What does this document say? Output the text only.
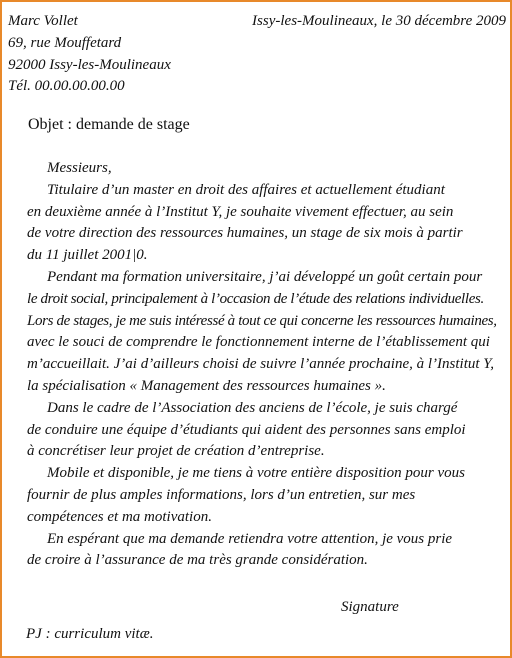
Marc Vollet
69, rue Mouffetard
92000 Issy-les-Moulineaux
Tél. 00.00.00.00.00
Issy-les-Moulineaux, le 30 décembre 2009
Objet : demande de stage
Messieurs,
Titulaire d’un master en droit des affaires et actuellement étudiant
en deuxième année à l’Institut Y, je souhaite vivement effectuer, au sein
de votre direction des ressources humaines, un stage de six mois à partir
du 11 juillet 2001|0.
Pendant ma formation universitaire, j’ai développé un goût certain pour
le droit social, principalement à l’occasion de l’étude des relations individuelles.
Lors de stages, je me suis intéressé à tout ce qui concerne les ressources humaines,
avec le souci de comprendre le fonctionnement interne de l’établissement qui
m’accueillait. J’ai d’ailleurs choisi de suivre l’année prochaine, à l’Institut Y,
la spécialisation « Management des ressources humaines ».
Dans le cadre de l’Association des anciens de l’école, je suis chargé
de conduire une équipe d’étudiants qui aident des personnes sans emploi
à concrétiser leur projet de création d’entreprise.
Mobile et disponible, je me tiens à votre entière disposition pour vous
fournir de plus amples informations, lors d’un entretien, sur mes
compétences et ma motivation.
En espérant que ma demande retiendra votre attention, je vous prie
de croire à l’assurance de ma très grande considération.
Signature
PJ : curriculum vitæ.
